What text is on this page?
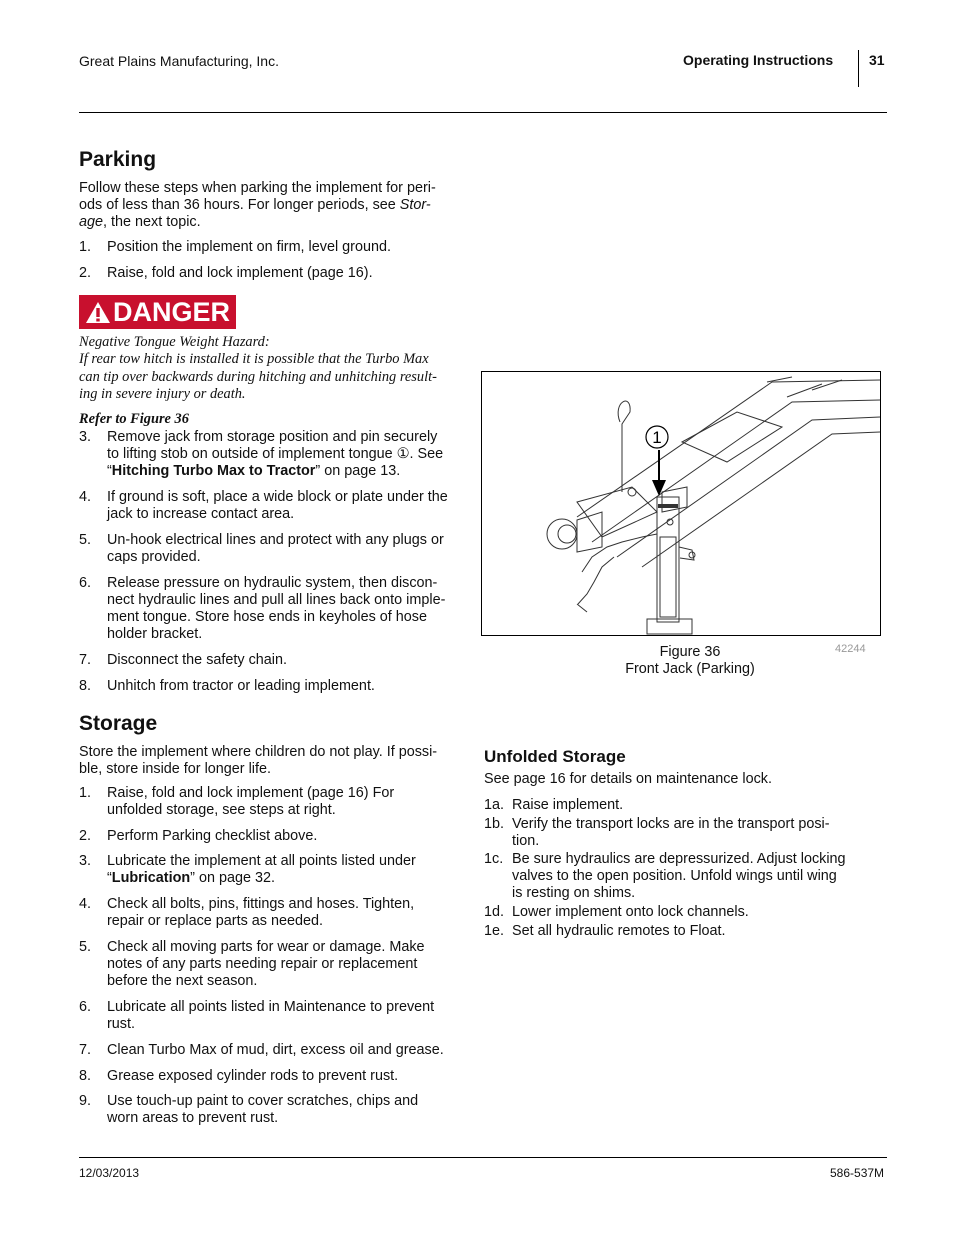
Great Plains Manufacturing, Inc.	Operating Instructions	31
Parking
Follow these steps when parking the implement for peri-
ods of less than 36 hours. For longer periods, see Stor-
age, the next topic.
1. Position the implement on firm, level ground.
2. Raise, fold and lock implement (page 16).
DANGER
Negative Tongue Weight Hazard:
If rear tow hitch is installed it is possible that the Turbo Max
can tip over backwards during hitching and unhitching result-
ing in severe injury or death.
Refer to Figure 36
3. Remove jack from storage position and pin securely
to lifting stob on outside of implement tongue ①. See
“Hitching Turbo Max to Tractor” on page 13.
4. If ground is soft, place a wide block or plate under the
jack to increase contact area.
5. Un-hook electrical lines and protect with any plugs or
caps provided.
6. Release pressure on hydraulic system, then discon-
nect hydraulic lines and pull all lines back onto imple-
ment tongue. Store hose ends in keyholes of hose
holder bracket.
7. Disconnect the safety chain.
8. Unhitch from tractor or leading implement.
1
Figure 36
Front Jack (Parking)
42244
Storage
Store the implement where children do not play. If possi-
ble, store inside for longer life.
1. Raise, fold and lock implement (page 16) For
unfolded storage, see steps at right.
2. Perform Parking checklist above.
3. Lubricate the implement at all points listed under
“Lubrication” on page 32.
4. Check all bolts, pins, fittings and hoses. Tighten,
repair or replace parts as needed.
5. Check all moving parts for wear or damage. Make
notes of any parts needing repair or replacement
before the next season.
6. Lubricate all points listed in Maintenance to prevent
rust.
7. Clean Turbo Max of mud, dirt, excess oil and grease.
8. Grease exposed cylinder rods to prevent rust.
9. Use touch-up paint to cover scratches, chips and
worn areas to prevent rust.
Unfolded Storage
See page 16 for details on maintenance lock.
1a. Raise implement.
1b. Verify the transport locks are in the transport posi-
tion.
1c. Be sure hydraulics are depressurized. Adjust locking
valves to the open position. Unfold wings until wing
is resting on shims.
1d. Lower implement onto lock channels.
1e. Set all hydraulic remotes to Float.
12/03/2013	586-537M
